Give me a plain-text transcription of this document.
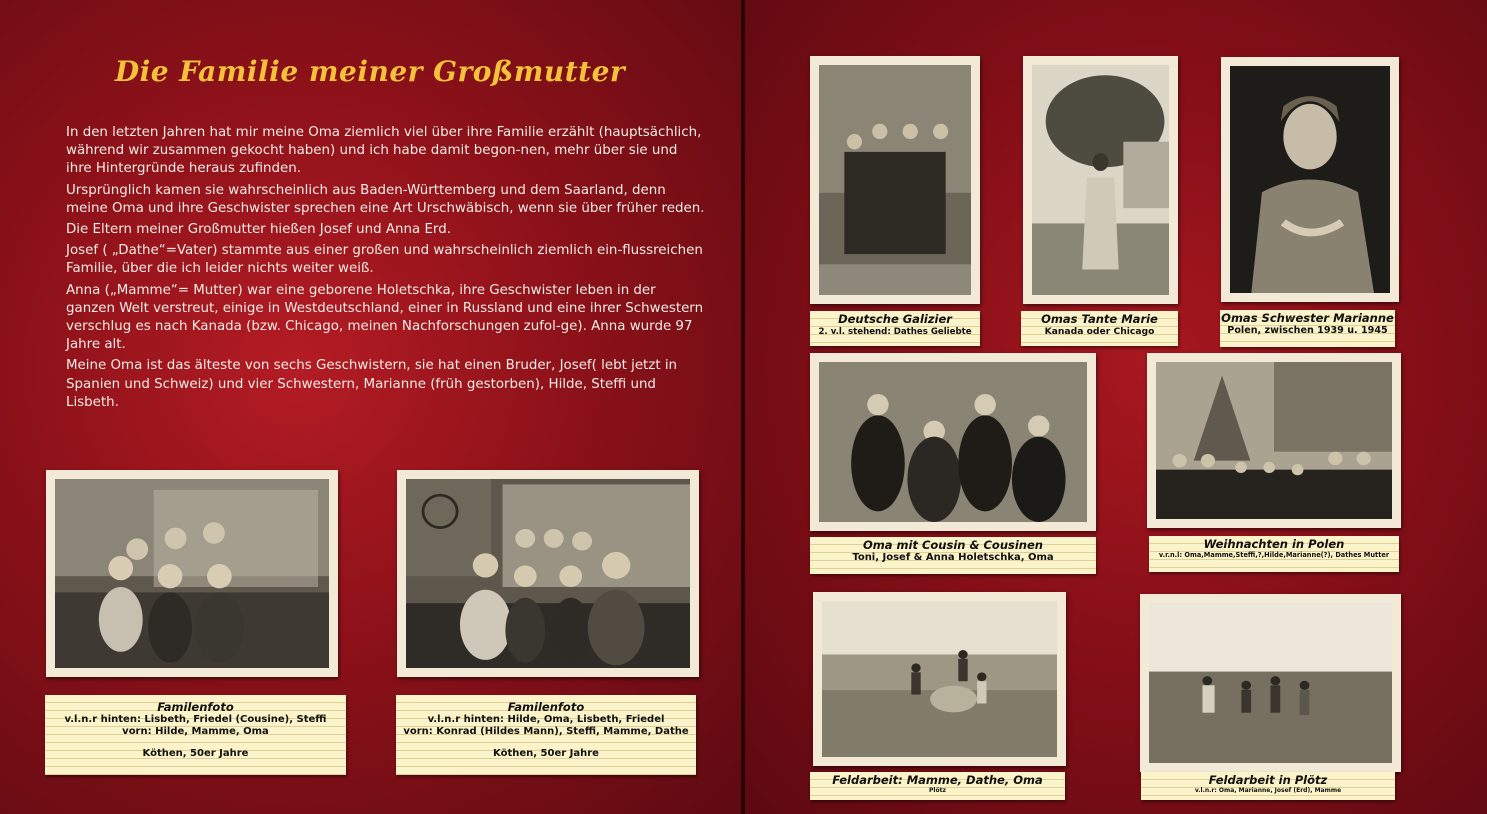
Die Familie meiner Großmutter

In den letzten Jahren hat mir meine Oma ziemlich viel über ihre Familie erzählt (hauptsächlich, während wir zusammen gekocht haben) und ich habe damit begon-nen, mehr über sie und ihre Hintergründe heraus zufinden.

Ursprünglich kamen sie wahrscheinlich aus Baden-Württemberg und dem Saarland, denn meine Oma und ihre Geschwister sprechen eine Art Urschwäbisch, wenn sie über früher reden.

Die Eltern meiner Großmutter hießen Josef und Anna Erd.

Josef ( „Dathe“=Vater) stammte aus einer großen und wahrscheinlich ziemlich ein-flussreichen Familie, über die ich leider nichts weiter weiß.

Anna („Mamme“= Mutter) war eine geborene Holetschka, ihre Geschwister leben in der ganzen Welt verstreut, einige in Westdeutschland, einer in Russland und eine ihrer Schwestern verschlug es nach Kanada (bzw. Chicago, meinen Nachforschungen zufol-ge). Anna wurde 97 Jahre alt.

Meine Oma ist das älteste von sechs Geschwistern, sie hat einen Bruder, Josef( lebt jetzt in Spanien und Schweiz) und vier Schwestern, Marianne (früh gestorben), Hilde, Steffi und Lisbeth.

Familenfoto
v.l.n.r hinten: Lisbeth, Friedel (Cousine), Steffi
vorn: Hilde, Mamme, Oma
Köthen, 50er Jahre
Familenfoto
v.l.n.r hinten: Hilde, Oma, Lisbeth, Friedel
vorn: Konrad (Hildes Mann), Steffi, Mamme, Dathe
Köthen, 50er Jahre
Deutsche Galizier
2. v.l. stehend: Dathes Geliebte
Omas Tante Marie
Kanada oder Chicago
Omas Schwester Marianne
Polen, zwischen 1939 u. 1945
Oma mit Cousin & Cousinen
Toni, Josef & Anna Holetschka, Oma
Weihnachten in Polen
v.r.n.l: Oma,Mamme,Steffi,?,Hilde,Marianne(?), Dathes Mutter
Feldarbeit: Mamme, Dathe, Oma
Plötz
Feldarbeit in Plötz
v.l.n.r: Oma, Marianne, Josef (Erd), Mamme
